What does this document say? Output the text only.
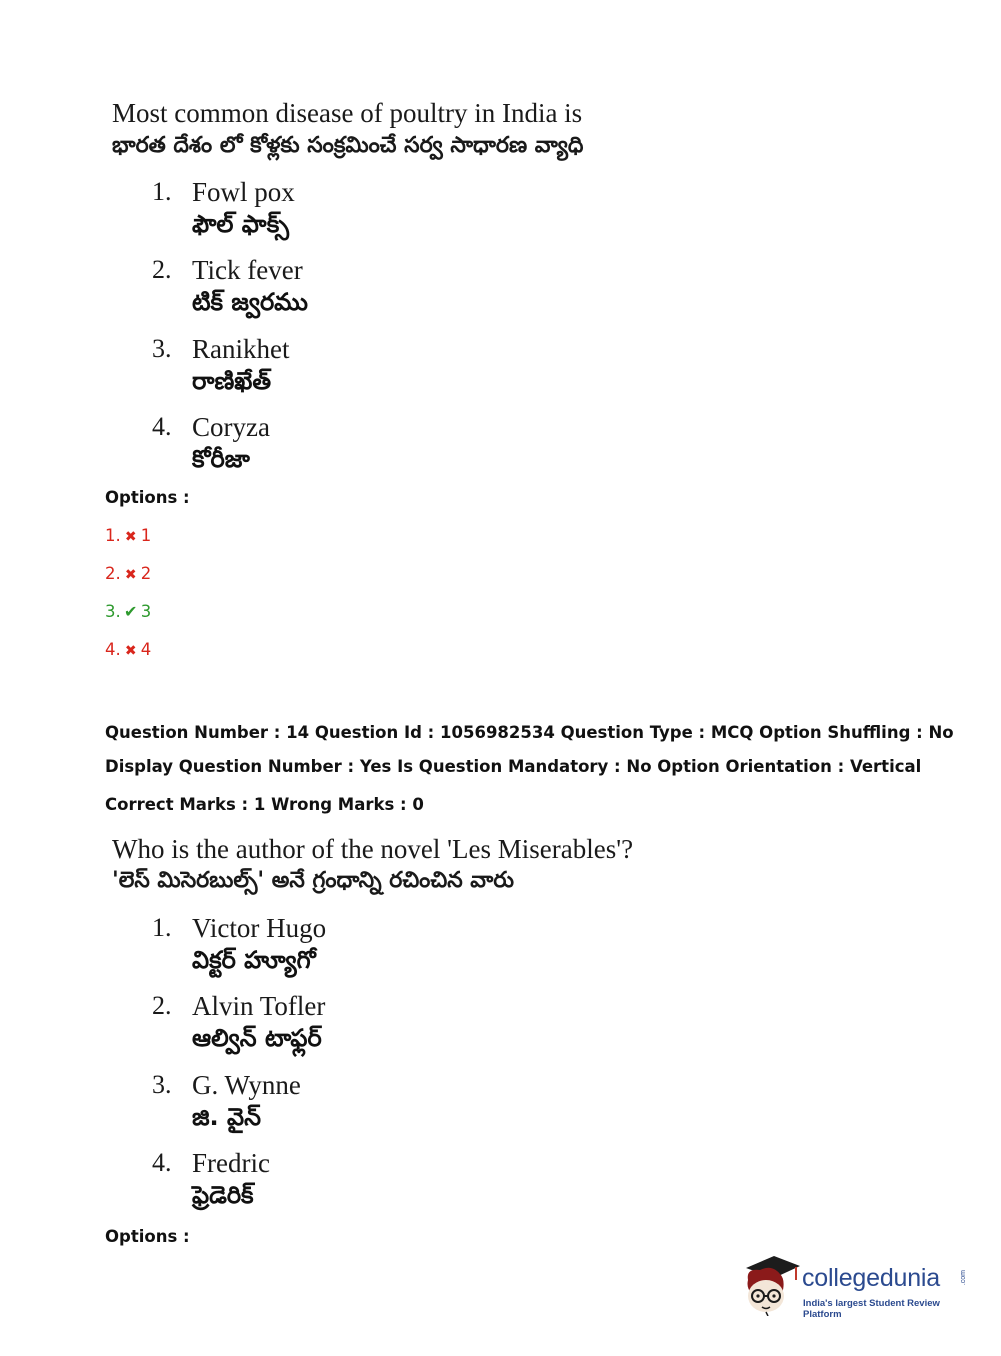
Most common disease of poultry in India is
భారత దేశం లో కోళ్లకు సంక్రమించే సర్వ సాధారణ వ్యాధి
1. Fowl pox
ఫౌల్ ఫాక్స్
2. Tick fever
టిక్ జ్వరము
3. Ranikhet
రాణిఖేత్
4. Coryza
కోరీజా
Options :
1. ✖ 1
2. ✖ 2
3. ✔ 3
4. ✖ 4
Question Number : 14 Question Id : 1056982534 Question Type : MCQ Option Shuffling : No
Display Question Number : Yes Is Question Mandatory : No Option Orientation : Vertical
Correct Marks : 1 Wrong Marks : 0
Who is the author of the novel 'Les Miserables'?
'లెస్ మిసెరబుల్స్' అనే గ్రంధాన్ని రచించిన వారు
1. Victor Hugo
విక్టర్ హ్యూగో
2. Alvin Tofler
ఆల్విన్ టాఫ్లర్
3. G. Wynne
జి. వైన్
4. Fredric
ఫ్రెడెరిక్
Options :
collegedunia	.com
India's largest Student Review Platform
